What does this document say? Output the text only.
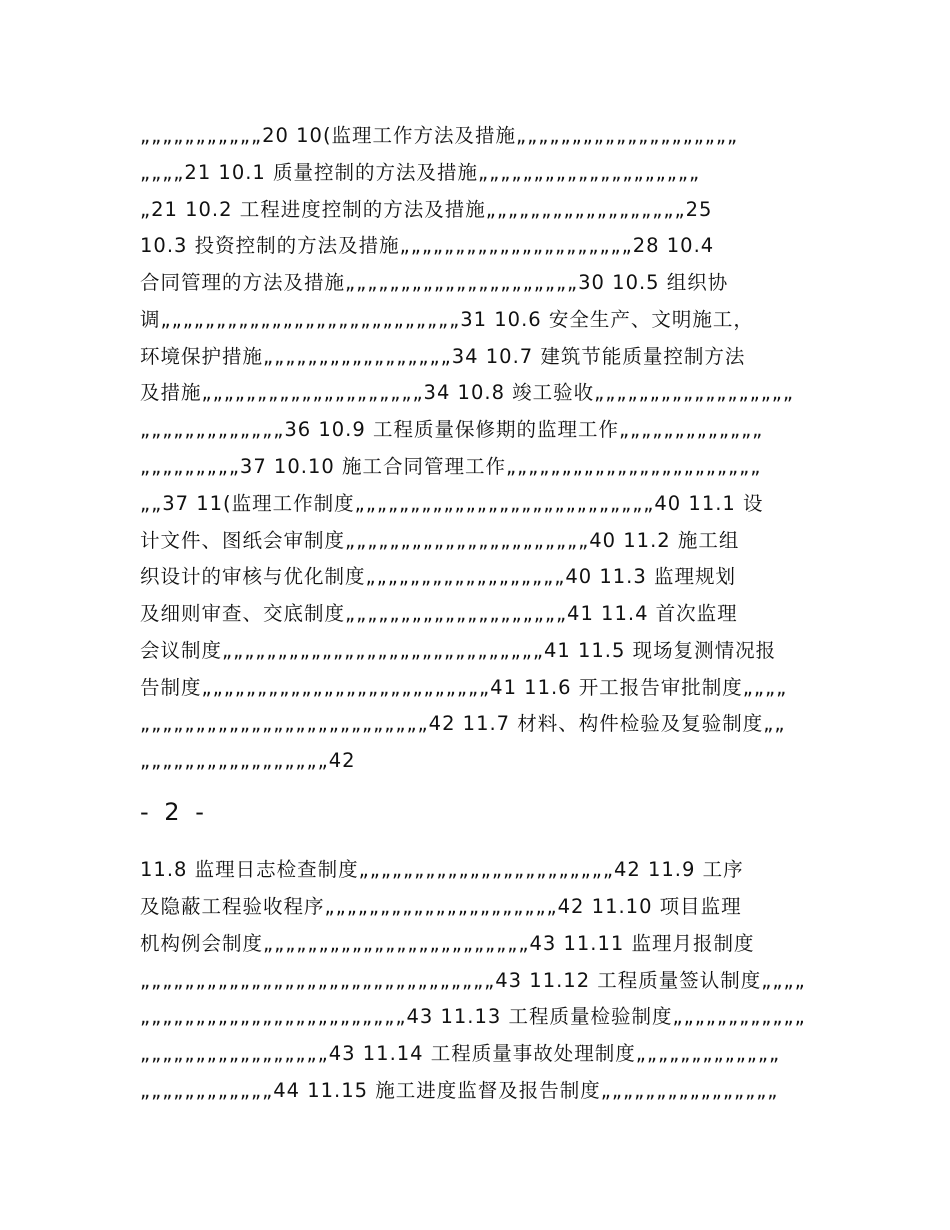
„„„„„„„„„„„20 10(监理工作方法及措施„„„„„„„„„„„„„„„„„„„„
„„„„21 10.1 质量控制的方法及措施„„„„„„„„„„„„„„„„„„„„
„21 10.2 工程进度控制的方法及措施„„„„„„„„„„„„„„„„„„25
10.3 投资控制的方法及措施„„„„„„„„„„„„„„„„„„„„„28 10.4
合同管理的方法及措施„„„„„„„„„„„„„„„„„„„„„30 10.5 组织协
调„„„„„„„„„„„„„„„„„„„„„„„„„„„31 10.6 安全生产、文明施工，
环境保护措施„„„„„„„„„„„„„„„„„34 10.7 建筑节能质量控制方法
及措施„„„„„„„„„„„„„„„„„„„„34 10.8 竣工验收„„„„„„„„„„„„„„„„„„
„„„„„„„„„„„„„36 10.9 工程质量保修期的监理工作„„„„„„„„„„„„„
„„„„„„„„„37 10.10 施工合同管理工作„„„„„„„„„„„„„„„„„„„„„„„
„„37 11(监理工作制度„„„„„„„„„„„„„„„„„„„„„„„„„„„40 11.1 设
计文件、图纸会审制度„„„„„„„„„„„„„„„„„„„„„„40 11.2 施工组
织设计的审核与优化制度„„„„„„„„„„„„„„„„„„40 11.3 监理规划
及细则审查、交底制度„„„„„„„„„„„„„„„„„„„„41 11.4 首次监理
会议制度„„„„„„„„„„„„„„„„„„„„„„„„„„„„„41 11.5 现场复测情况报
告制度„„„„„„„„„„„„„„„„„„„„„„„„„„41 11.6 开工报告审批制度„„„„
„„„„„„„„„„„„„„„„„„„„„„„„„„42 11.7 材料、构件检验及复验制度„„
„„„„„„„„„„„„„„„„„42
- 2 -
11.8 监理日志检查制度„„„„„„„„„„„„„„„„„„„„„„„42 11.9 工序
及隐蔽工程验收程序„„„„„„„„„„„„„„„„„„„„„42 11.10 项目监理
机构例会制度„„„„„„„„„„„„„„„„„„„„„„„„43 11.11 监理月报制度
„„„„„„„„„„„„„„„„„„„„„„„„„„„„„„„„43 11.12 工程质量签认制度„„„„
„„„„„„„„„„„„„„„„„„„„„„„„43 11.13 工程质量检验制度„„„„„„„„„„„„
„„„„„„„„„„„„„„„„„43 11.14 工程质量事故处理制度„„„„„„„„„„„„„
„„„„„„„„„„„„44 11.15 施工进度监督及报告制度„„„„„„„„„„„„„„„„
